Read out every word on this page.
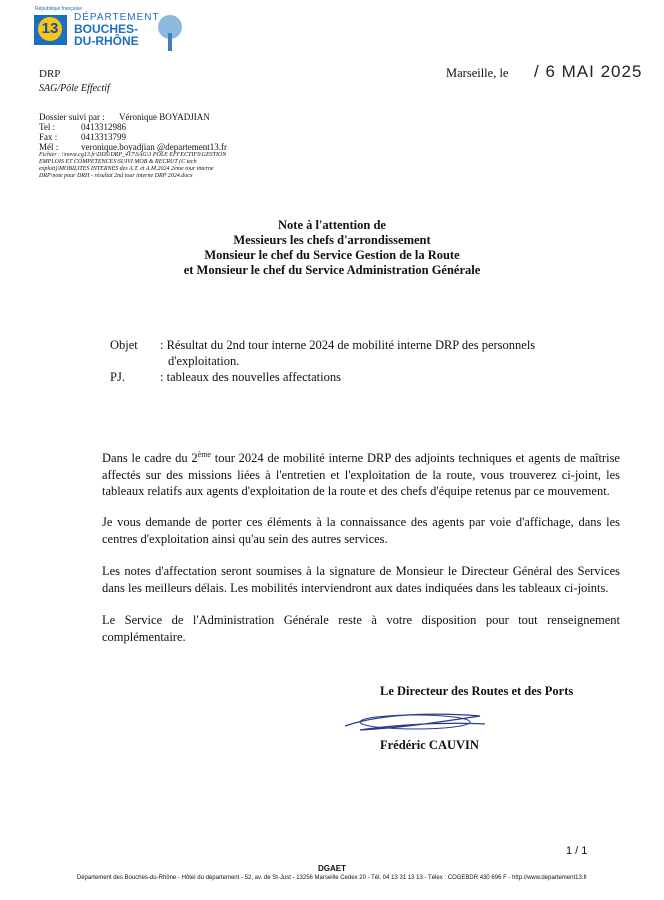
République française
13
DÉPARTEMENT
BOUCHES-
DU-RHÔNE
DRP
SAG/Pôle Effectif
Marseille, le / 6 MAI 2025
Dossier suivi par : Véronique BOYADJIAN
Tel :	0413312986
Fax :	0413313799
Mél :	veronique.boyadjian @departement13.fr
Fichier : \\nova.cg13.fr\DDS\DRP_417\SAG\3 POLE EFFECTIFS\GESTION
EMPLOIS ET COMPETENCES\SUIVI MOB & RECRUT (C tech
exploit)\MOBILITES INTERNES des A.T. et A.M.2024 2ème tour interne
DRP\note pour DRH - résultat 2nd tour interne DRP 2024.docx
Note à l'attention de
Messieurs les chefs d'arrondissement
Monsieur le chef du Service Gestion de la Route
et Monsieur le chef du Service Administration Générale
Objet	: Résultat du 2nd tour interne 2024 de mobilité interne DRP des personnels
d'exploitation.
PJ.	: tableaux des nouvelles affectations
Dans le cadre du 2ème tour 2024 de mobilité interne DRP des adjoints techniques et agents de maîtrise affectés sur des missions liées à l'entretien et l'exploitation de la route, vous trouverez ci-joint, les tableaux relatifs aux agents d'exploitation de la route et des chefs d'équipe retenus par ce mouvement.
Je vous demande de porter ces éléments à la connaissance des agents par voie d'affichage, dans les centres d'exploitation ainsi qu'au sein des autres services.
Les notes d'affectation seront soumises à la signature de Monsieur le Directeur Général des Services dans les meilleurs délais. Les mobilités interviendront aux dates indiquées dans les tableaux ci-joints.
Le Service de l'Administration Générale reste à votre disposition pour tout renseignement complémentaire.
Le Directeur des Routes et des Ports
Frédéric CAUVIN
1 / 1
DGAET
Département des Bouches-du-Rhône - Hôtel du département - 52, av. de St-Just - 13256 Marseille Cedex 20 - Tél. 04 13 31 13 13 - Télex : COGEBDR 430 696 F - http://www.departement13.fr
